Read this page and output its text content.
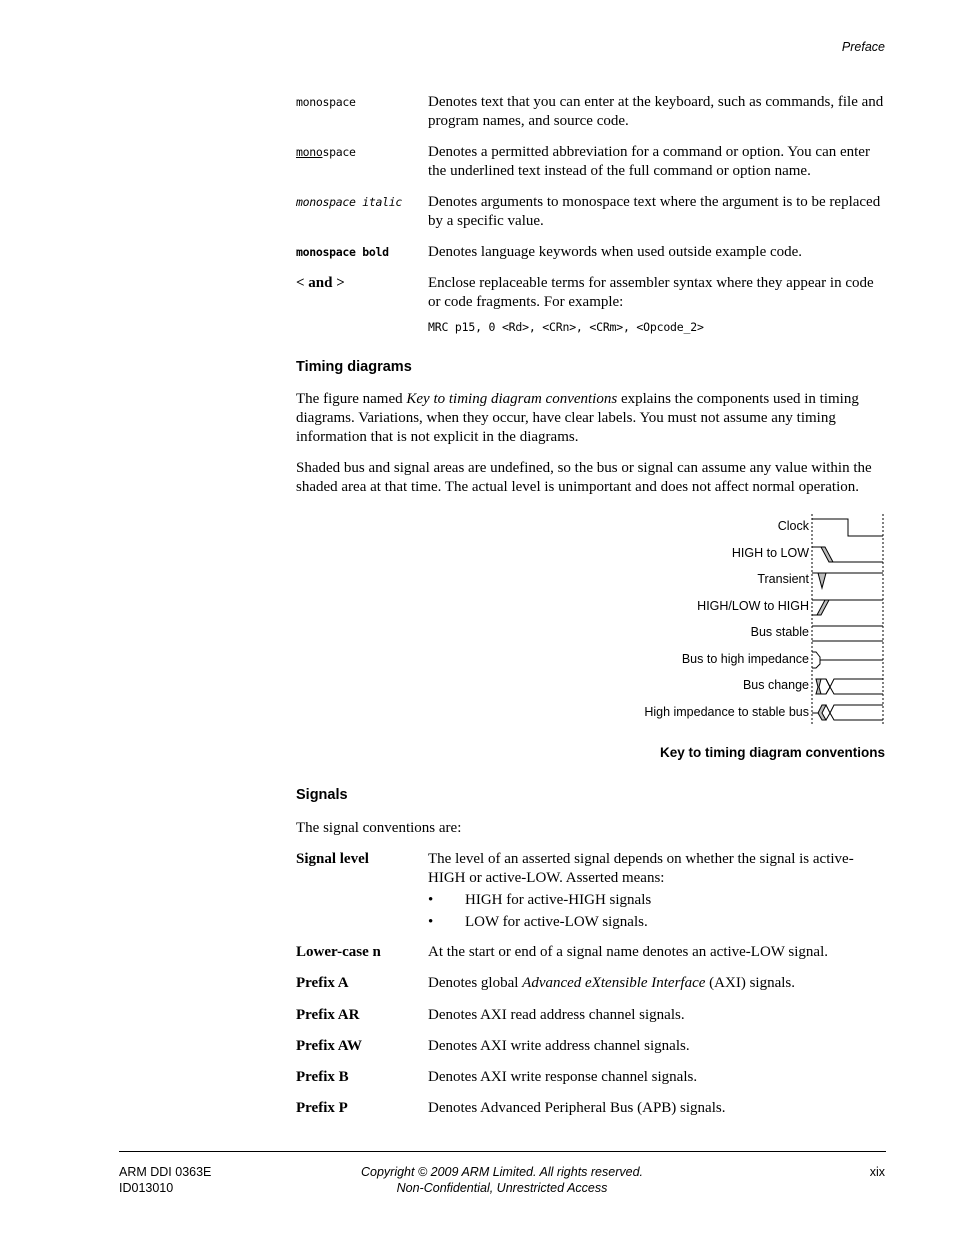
Preface
monospace	Denotes text that you can enter at the keyboard, such as commands, file and program names, and source code.
monospace	Denotes a permitted abbreviation for a command or option. You can enter the underlined text instead of the full command or option name.
monospace italic	Denotes arguments to monospace text where the argument is to be replaced by a specific value.
monospace bold	Denotes language keywords when used outside example code.
< and >	Enclose replaceable terms for assembler syntax where they appear in code or code fragments. For example:
MRC p15, 0 <Rd>, <CRn>, <CRm>, <Opcode_2>
Timing diagrams
The figure named Key to timing diagram conventions explains the components used in timing diagrams. Variations, when they occur, have clear labels. You must not assume any timing information that is not explicit in the diagrams.
Shaded bus and signal areas are undefined, so the bus or signal can assume any value within the shaded area at that time. The actual level is unimportant and does not affect normal operation.
Clock
HIGH to LOW
Transient
HIGH/LOW to HIGH
Bus stable
Bus to high impedance
Bus change
High impedance to stable bus
Key to timing diagram conventions
Signals
The signal conventions are:
Signal level	The level of an asserted signal depends on whether the signal is active-HIGH or active-LOW. Asserted means:
• HIGH for active-HIGH signals
• LOW for active-LOW signals.
Lower-case n	At the start or end of a signal name denotes an active-LOW signal.
Prefix A	Denotes global Advanced eXtensible Interface (AXI) signals.
Prefix AR	Denotes AXI read address channel signals.
Prefix AW	Denotes AXI write address channel signals.
Prefix B	Denotes AXI write response channel signals.
Prefix P	Denotes Advanced Peripheral Bus (APB) signals.
ARM DDI 0363E
ID013010
Copyright © 2009 ARM Limited. All rights reserved.
Non-Confidential, Unrestricted Access
xix
